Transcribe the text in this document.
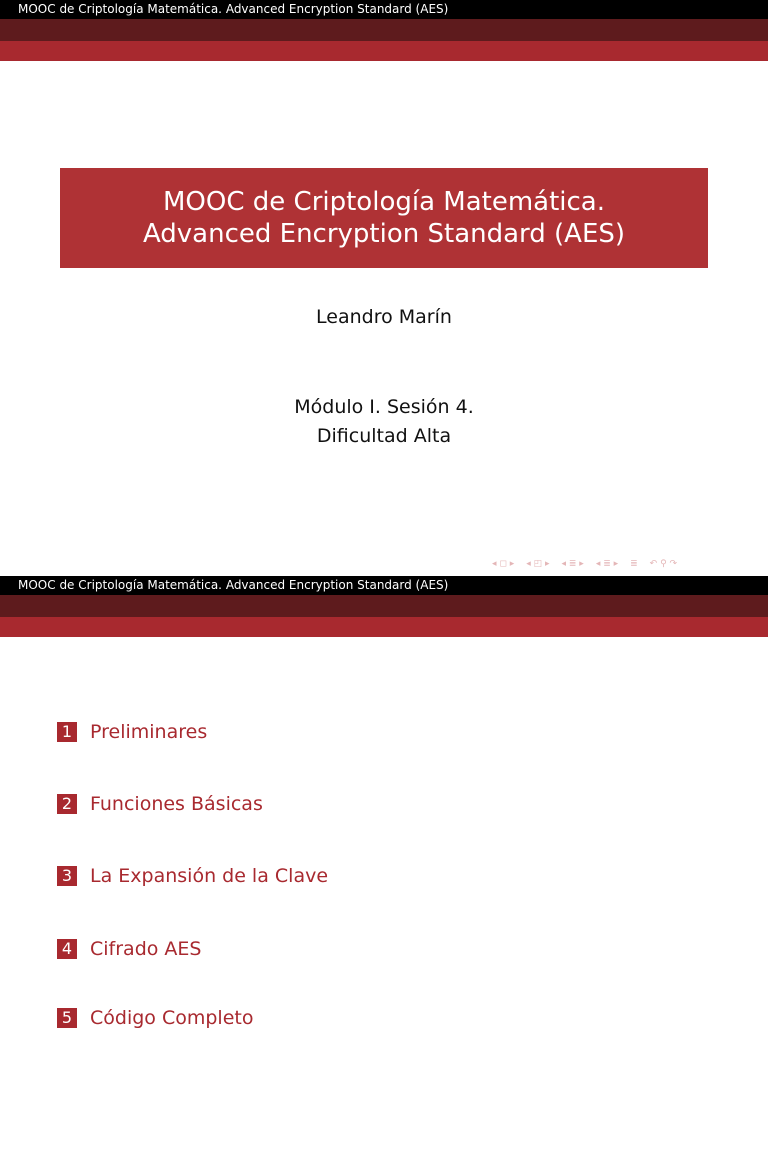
MOOC de Criptología Matemática. Advanced Encryption Standard (AES)
MOOC de Criptología Matemática.
Advanced Encryption Standard (AES)
Leandro Marín
Módulo I. Sesión 4.
Dificultad Alta
◂ ◻ ▸ ◂ ◰ ▸ ◂ ≣ ▸ ◂ ≣ ▸ ≣ ↶ ⚲ ↷
MOOC de Criptología Matemática. Advanced Encryption Standard (AES)
1 Preliminares
2 Funciones Básicas
3 La Expansión de la Clave
4 Cifrado AES
5 Código Completo
